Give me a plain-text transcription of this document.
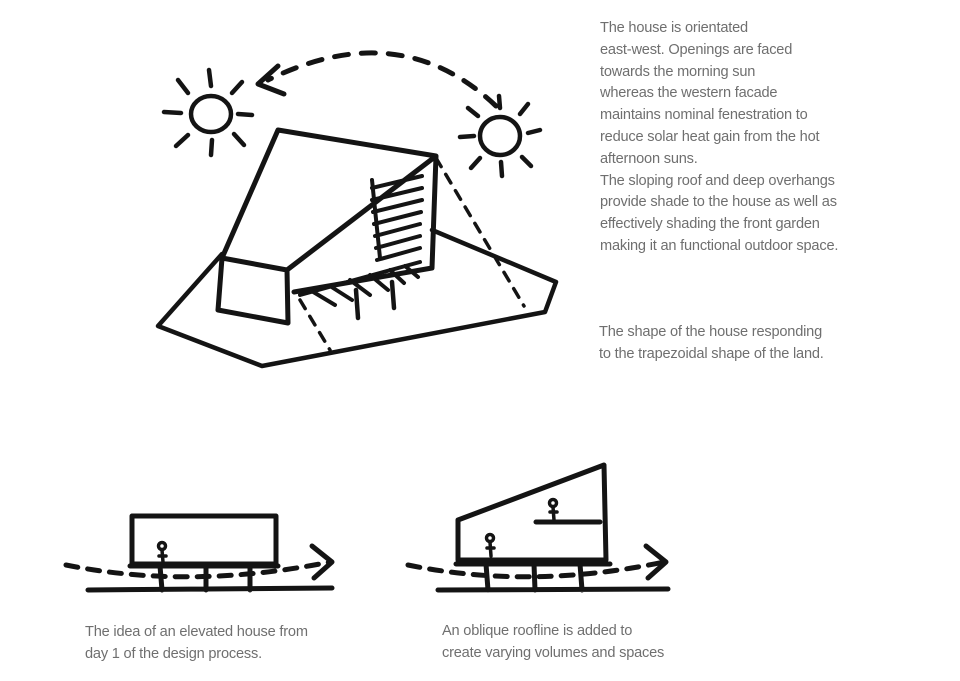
The house is orientated
east-west. Openings are faced
towards the morning sun
whereas the western facade
maintains nominal fenestration to
reduce solar heat gain from the hot
afternoon suns.
The sloping roof and deep overhangs
provide shade to the house as well as
effectively shading the front garden
making it an functional outdoor space.

The shape of the house responding
to the trapezoidal shape of the land.

The idea of an elevated house from
day 1 of the design process.

An oblique roofline is added to
create varying volumes and spaces
